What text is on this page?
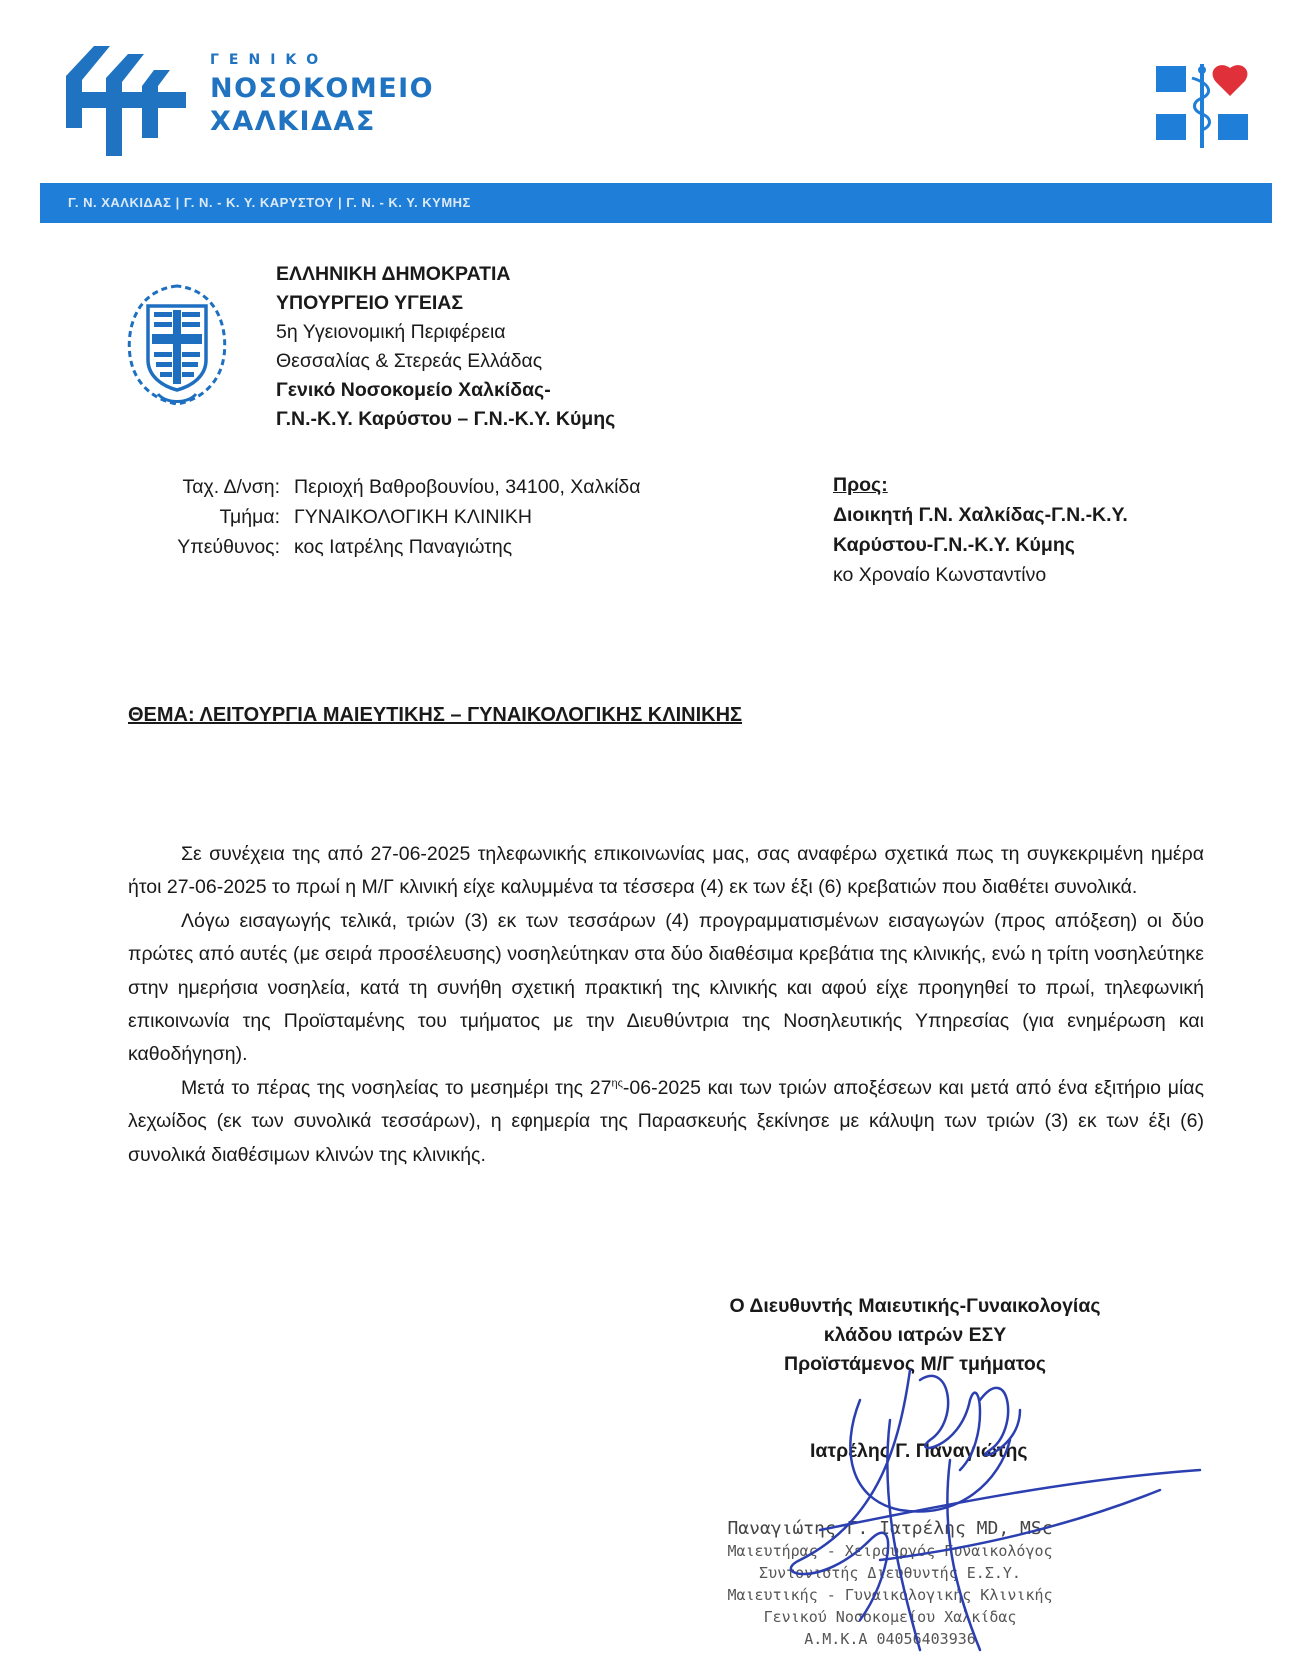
ΓΕΝΙΚΟ
ΝΟΣΟΚΟΜΕΙΟ
ΧΑΛΚΙΔΑΣ
Γ. Ν. ΧΑΛΚΙΔΑΣ | Γ. Ν. - Κ. Υ. ΚΑΡΥΣΤΟΥ | Γ. Ν. - Κ. Υ. ΚΥΜΗΣ
ΕΛΛΗΝΙΚΗ ΔΗΜΟΚΡΑΤΙΑ
ΥΠΟΥΡΓΕΙΟ ΥΓΕΙΑΣ
5η Υγειονομική Περιφέρεια
Θεσσαλίας & Στερεάς Ελλάδας
Γενικό Νοσοκομείο Χαλκίδας-
Γ.Ν.-Κ.Υ. Καρύστου – Γ.Ν.-Κ.Υ. Κύμης
Ταχ. Δ/νση:
Τμήμα:
Υπεύθυνος:
Περιοχή Βαθροβουνίου, 34100, Χαλκίδα
ΓΥΝΑΙΚΟΛΟΓΙΚΗ ΚΛΙΝΙΚΗ
κος Ιατρέλης Παναγιώτης
Προς:
Διοικητή Γ.Ν. Χαλκίδας-Γ.Ν.-Κ.Υ.
Καρύστου-Γ.Ν.-Κ.Υ. Κύμης
κο Χροναίο Κωνσταντίνο
ΘΕΜΑ: ΛΕΙΤΟΥΡΓΙΑ ΜΑΙΕΥΤΙΚΗΣ – ΓΥΝΑΙΚΟΛΟΓΙΚΗΣ ΚΛΙΝΙΚΗΣ

Σε συνέχεια της από 27-06-2025 τηλεφωνικής επικοινωνίας μας, σας αναφέρω σχετικά πως τη συγκεκριμένη ημέρα ήτοι 27-06-2025 το πρωί η Μ/Γ κλινική είχε καλυμμένα τα τέσσερα (4) εκ των έξι (6) κρεβατιών που διαθέτει συνολικά.

Λόγω εισαγωγής τελικά, τριών (3) εκ των τεσσάρων (4) προγραμματισμένων εισαγωγών (προς απόξεση) οι δύο πρώτες από αυτές (με σειρά προσέλευσης) νοσηλεύτηκαν στα δύο διαθέσιμα κρεβάτια της κλινικής, ενώ η τρίτη νοσηλεύτηκε στην ημερήσια νοσηλεία, κατά τη συνήθη σχετική πρακτική της κλινικής και αφού είχε προηγηθεί το πρωί, τηλεφωνική επικοινωνία της Προϊσταμένης του τμήματος με την Διευθύντρια της Νοσηλευτικής Υπηρεσίας (για ενημέρωση και καθοδήγηση).

Μετά το πέρας της νοσηλείας το μεσημέρι της $27^{\eta\varsigma}-06-2025$ και των τριών αποξέσεων και μετά από ένα εξιτήριο μίας λεχωίδος (εκ των συνολικά τεσσάρων), η εφημερία της Παρασκευής ξεκίνησε με κάλυψη των τριών (3) εκ των έξι (6) συνολικά διαθέσιμων κλινών της κλινικής.

Ο Διευθυντής Μαιευτικής-Γυναικολογίας
κλάδου ιατρών ΕΣΥ
Προϊστάμενος Μ/Γ τμήματος
Ιατρέλης Γ. Παναγιώτης
Παναγιώτης Γ. Ιατρέλης MD, MSc
Μαιευτήρας - Χειρουργός Γυναικολόγος
Συντονιστής Διευθυντής Ε.Σ.Υ.
Μαιευτικής - Γυναικολογικής Κλινικής
Γενικού Νοσοκομείου Χαλκίδας
Α.Μ.Κ.Α 04056403936
